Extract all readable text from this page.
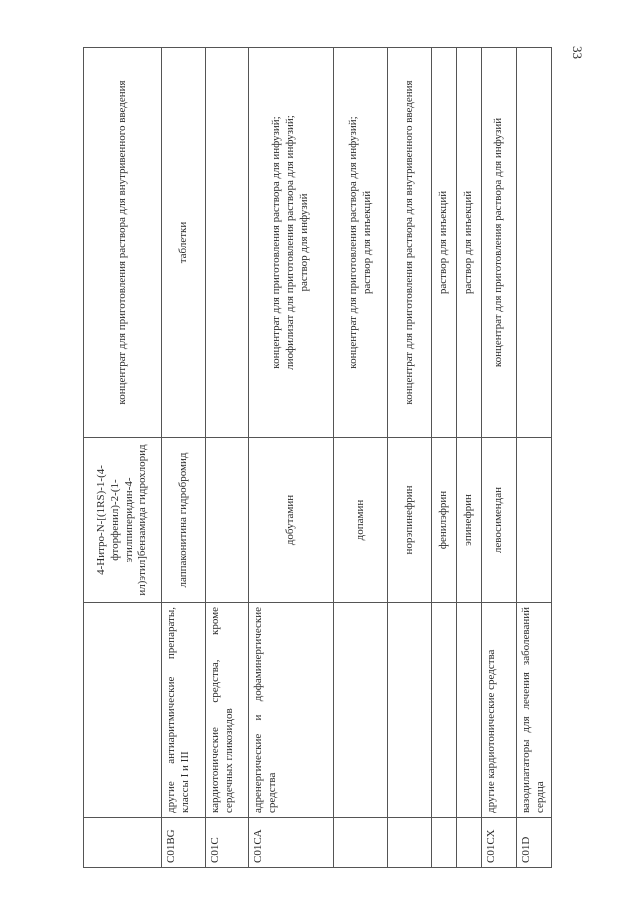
33
		4-Нитро-N-[(1RS)-1-(4-фторфенил)-2-(1-этилпиперидин-4-ил)этил]бензамида гидрохлорид	концентрат для приготовления раствора для внутривенного введения

C01BG	другие антиаритмические препараты, классы I и III	лаппаконитина гидробромид	таблетки

C01C	кардиотонические средства, кроме сердечных гликозидов		
C01CA	адренергические и дофаминергические средства	добутамин	концентрат для приготовления раствора для инфузий; лиофилизат для приготовления раствора для инфузий; раствор для инфузий

		допамин	концентрат для приготовления раствора для инфузий; раствор для инъекций

		норэпинефрин	концентрат для приготовления раствора для внутривенного введения

		фенилэфрин	раствор для инъекций

		эпинефрин	раствор для инъекций

C01CX	другие кардиотонические средства	левосимендан	концентрат для приготовления раствора для инфузий

C01D	вазодилататоры для лечения заболеваний сердца		
